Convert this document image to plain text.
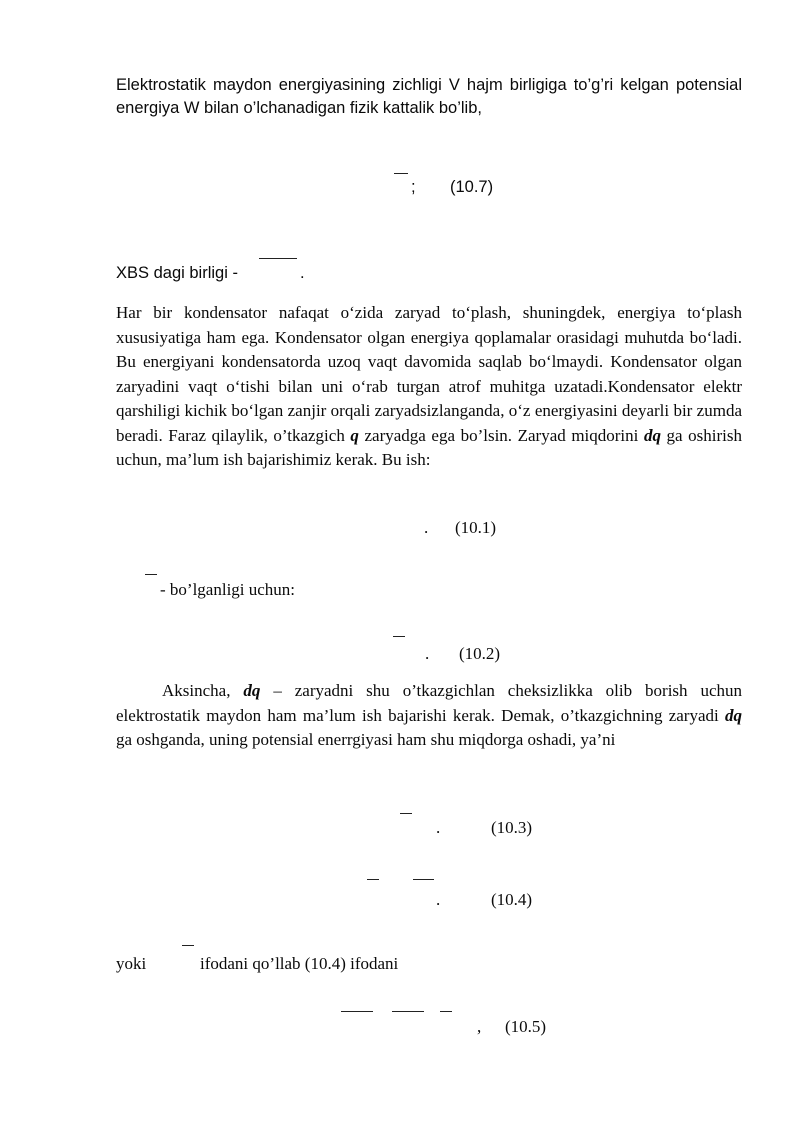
Elektrostatik maydon energiyasining zichligi V hajm birligiga to’g’ri kelgan potensial energiya W bilan o’lchanadigan fizik kattalik bo’lib,

; (10.7)
XBS dagi birligi -	.

Har bir kondensator nafaqat o‘zida zaryad to‘plash, shuningdek, energiya to‘plash xususiyatiga ham ega. Kondensator olgan energiya qoplamalar orasidagi muhutda bo‘ladi. Bu energiyani kondensatorda uzoq vaqt davomida saqlab bo‘lmaydi. Kondensator olgan zaryadini vaqt o‘tishi bilan uni o‘rab turgan atrof muhitga uzatadi.Kondensator elektr qarshiligi kichik bo‘lgan zanjir orqali zaryadsizlanganda, o‘z energiyasini deyarli bir zumda beradi. Faraz qilaylik, o’tkazgich q zaryadga ega bo’lsin. Zaryad miqdorini dq ga oshirish uchun, ma’lum ish bajarishimiz kerak. Bu ish:

. (10.1)
- bo’lganligi uchun:
. (10.2)

Aksincha, dq – zaryadni shu o’tkazgichlan cheksizlikka olib borish uchun elektrostatik maydon ham ma’lum ish bajarishi kerak. Demak, o’tkazgichning zaryadi dq ga oshganda, uning potensial enerrgiyasi ham shu miqdorga oshadi, ya’ni

.	(10.3)
.	(10.4)
yoki	ifodani qo’llab (10.4) ifodani
, (10.5)
